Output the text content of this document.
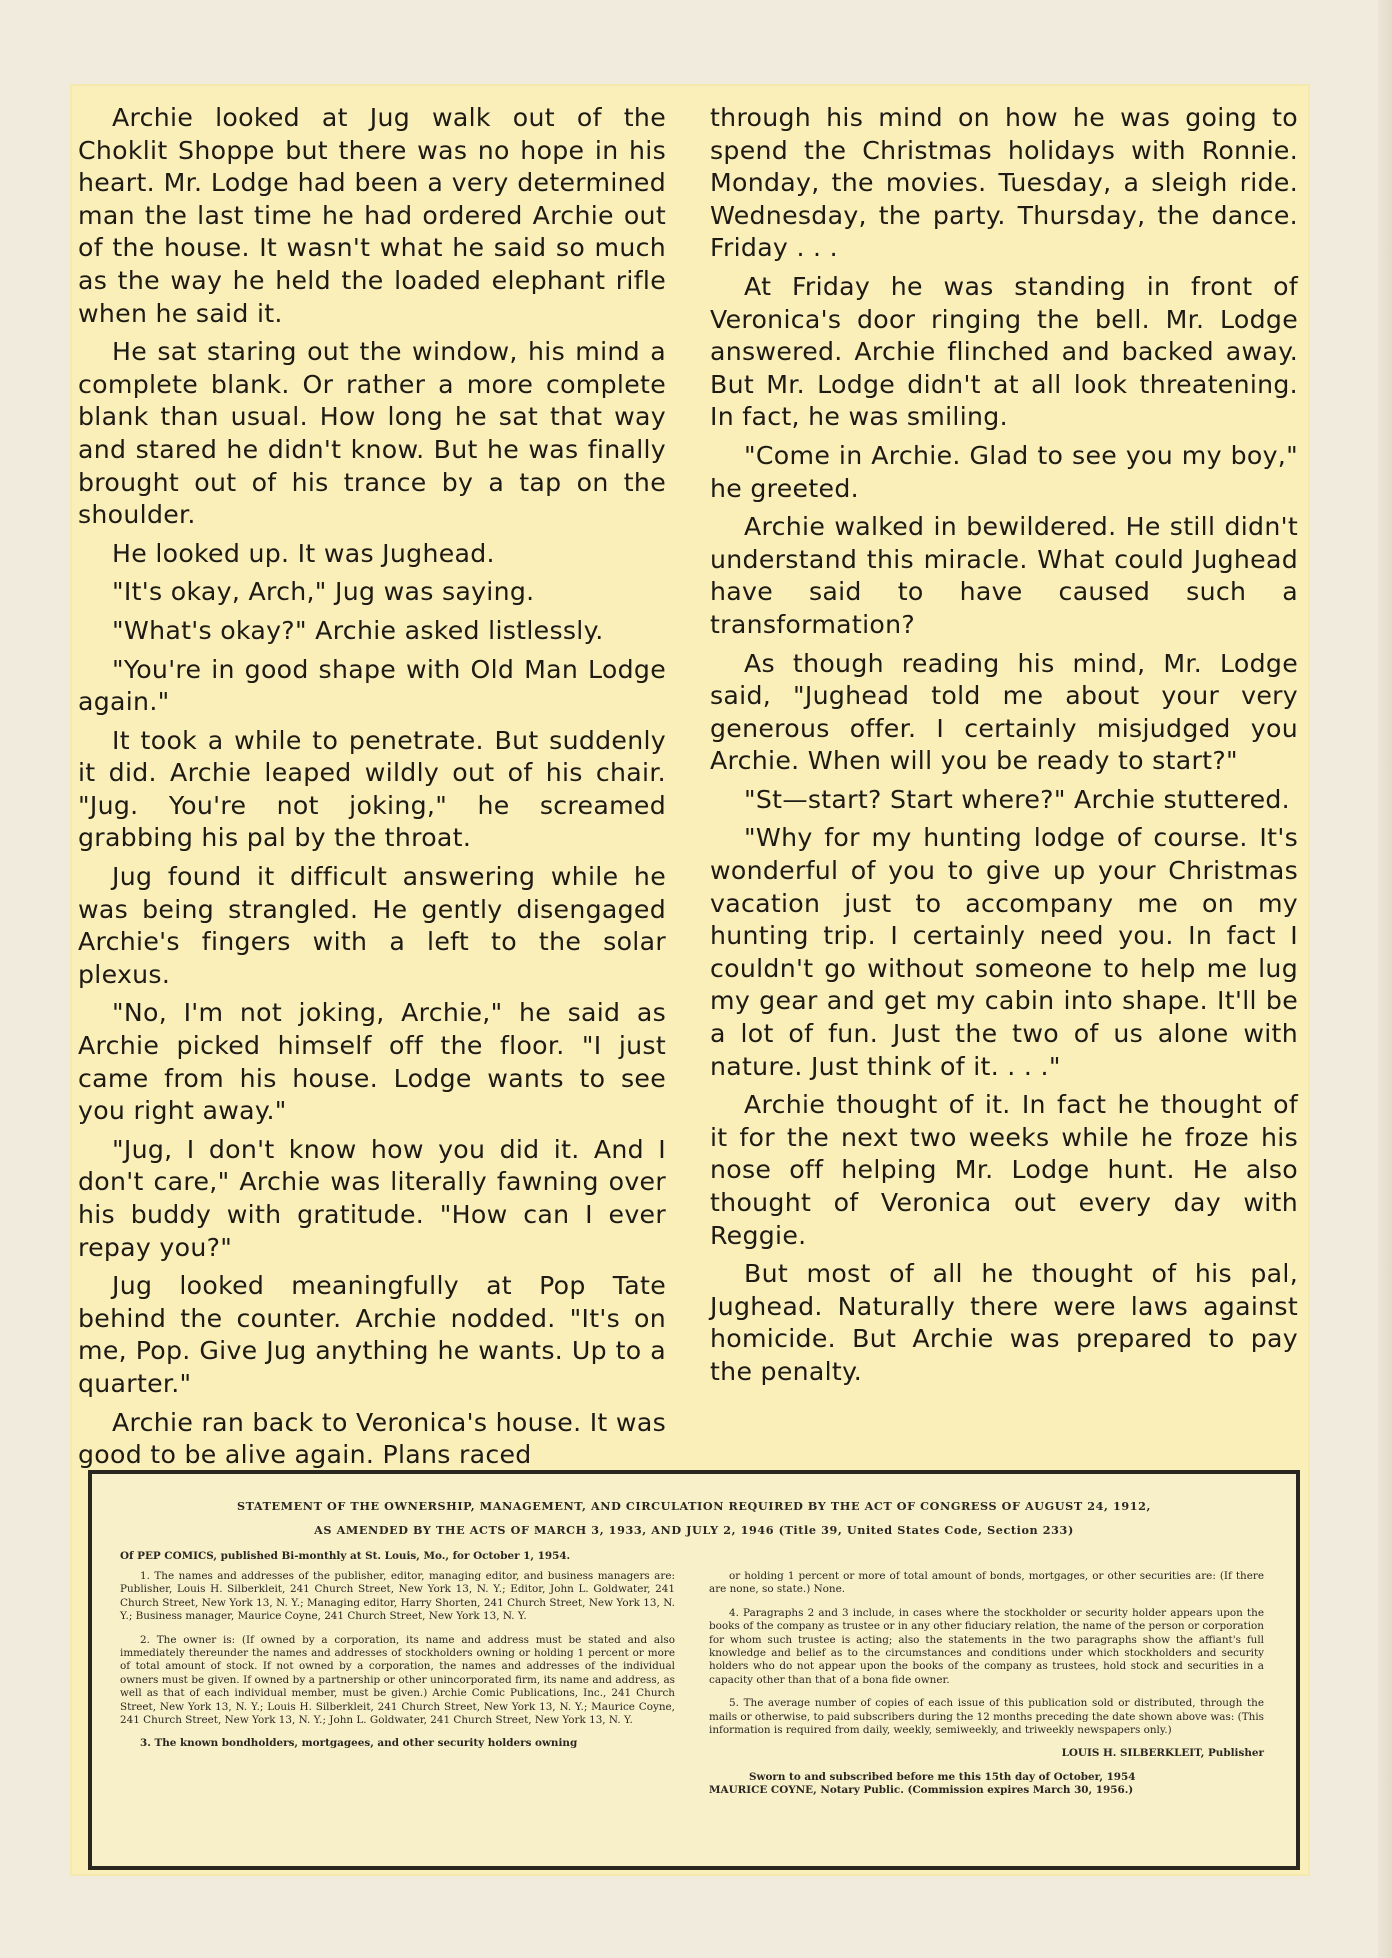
Archie looked at Jug walk out of the Choklit Shoppe but there was no hope in his heart. Mr. Lodge had been a very determined man the last time he had ordered Archie out of the house. It wasn't what he said so much as the way he held the loaded elephant rifle when he said it.

He sat staring out the window, his mind a complete blank. Or rather a more complete blank than usual. How long he sat that way and stared he didn't know. But he was finally brought out of his trance by a tap on the shoulder.

He looked up. It was Jughead.

"It's okay, Arch," Jug was saying.

"What's okay?" Archie asked listlessly.

"You're in good shape with Old Man Lodge again."

It took a while to penetrate. But suddenly it did. Archie leaped wildly out of his chair. "Jug. You're not joking," he screamed grabbing his pal by the throat.

Jug found it difficult answering while he was being strangled. He gently disengaged Archie's fingers with a left to the solar plexus.

"No, I'm not joking, Archie," he said as Archie picked himself off the floor. "I just came from his house. Lodge wants to see you right away."

"Jug, I don't know how you did it. And I don't care," Archie was literally fawning over his buddy with gratitude. "How can I ever repay you?"

Jug looked meaningfully at Pop Tate behind the counter. Archie nodded. "It's on me, Pop. Give Jug anything he wants. Up to a quarter."

Archie ran back to Veronica's house. It was good to be alive again. Plans raced

through his mind on how he was going to spend the Christmas holidays with Ronnie. Monday, the movies. Tuesday, a sleigh ride. Wednesday, the party. Thursday, the dance. Friday . . .

At Friday he was standing in front of Veronica's door ringing the bell. Mr. Lodge answered. Archie flinched and backed away. But Mr. Lodge didn't at all look threatening. In fact, he was smiling.

"Come in Archie. Glad to see you my boy," he greeted.

Archie walked in bewildered. He still didn't understand this miracle. What could Jughead have said to have caused such a transformation?

As though reading his mind, Mr. Lodge said, "Jughead told me about your very generous offer. I certainly misjudged you Archie. When will you be ready to start?"

"St—start? Start where?" Archie stuttered.

"Why for my hunting lodge of course. It's wonderful of you to give up your Christmas vacation just to accompany me on my hunting trip. I certainly need you. In fact I couldn't go without someone to help me lug my gear and get my cabin into shape. It'll be a lot of fun. Just the two of us alone with nature. Just think of it. . . ."

Archie thought of it. In fact he thought of it for the next two weeks while he froze his nose off helping Mr. Lodge hunt. He also thought of Veronica out every day with Reggie.

But most of all he thought of his pal, Jughead. Naturally there were laws against homicide. But Archie was prepared to pay the penalty.

STATEMENT OF THE OWNERSHIP, MANAGEMENT, AND CIRCULATION REQUIRED BY THE ACT OF CONGRESS OF AUGUST 24, 1912,

AS AMENDED BY THE ACTS OF MARCH 3, 1933, AND JULY 2, 1946 (Title 39, United States Code, Section 233)

Of PEP COMICS, published Bi-monthly at St. Louis, Mo., for October 1, 1954.

1. The names and addresses of the publisher, editor, managing editor, and business managers are: Publisher, Louis H. Silberkleit, 241 Church Street, New York 13, N. Y.; Editor, John L. Goldwater, 241 Church Street, New York 13, N. Y.; Managing editor, Harry Shorten, 241 Church Street, New York 13, N. Y.; Business manager, Maurice Coyne, 241 Church Street, New York 13, N. Y.

2. The owner is: (If owned by a corporation, its name and address must be stated and also immediately thereunder the names and addresses of stockholders owning or holding 1 percent or more of total amount of stock. If not owned by a corporation, the names and addresses of the individual owners must be given. If owned by a partnership or other unincorporated firm, its name and address, as well as that of each individual member, must be given.) Archie Comic Publications, Inc., 241 Church Street, New York 13, N. Y.; Louis H. Silberkleit, 241 Church Street, New York 13, N. Y.; Maurice Coyne, 241 Church Street, New York 13, N. Y.; John L. Goldwater, 241 Church Street, New York 13, N. Y.

3. The known bondholders, mortgagees, and other security holders owning

or holding 1 percent or more of total amount of bonds, mortgages, or other securities are: (If there are none, so state.) None.

4. Paragraphs 2 and 3 include, in cases where the stockholder or security holder appears upon the books of the company as trustee or in any other fiduciary relation, the name of the person or corporation for whom such trustee is acting; also the statements in the two paragraphs show the affiant's full knowledge and belief as to the circumstances and conditions under which stockholders and security holders who do not appear upon the books of the company as trustees, hold stock and securities in a capacity other than that of a bona fide owner.

5. The average number of copies of each issue of this publication sold or distributed, through the mails or otherwise, to paid subscribers during the 12 months preceding the date shown above was: (This information is required from daily, weekly, semiweekly, and triweekly newspapers only.)

LOUIS H. SILBERKLEIT, Publisher

Sworn to and subscribed before me this 15th day of October, 1954

MAURICE COYNE, Notary Public. (Commission expires March 30, 1956.)
